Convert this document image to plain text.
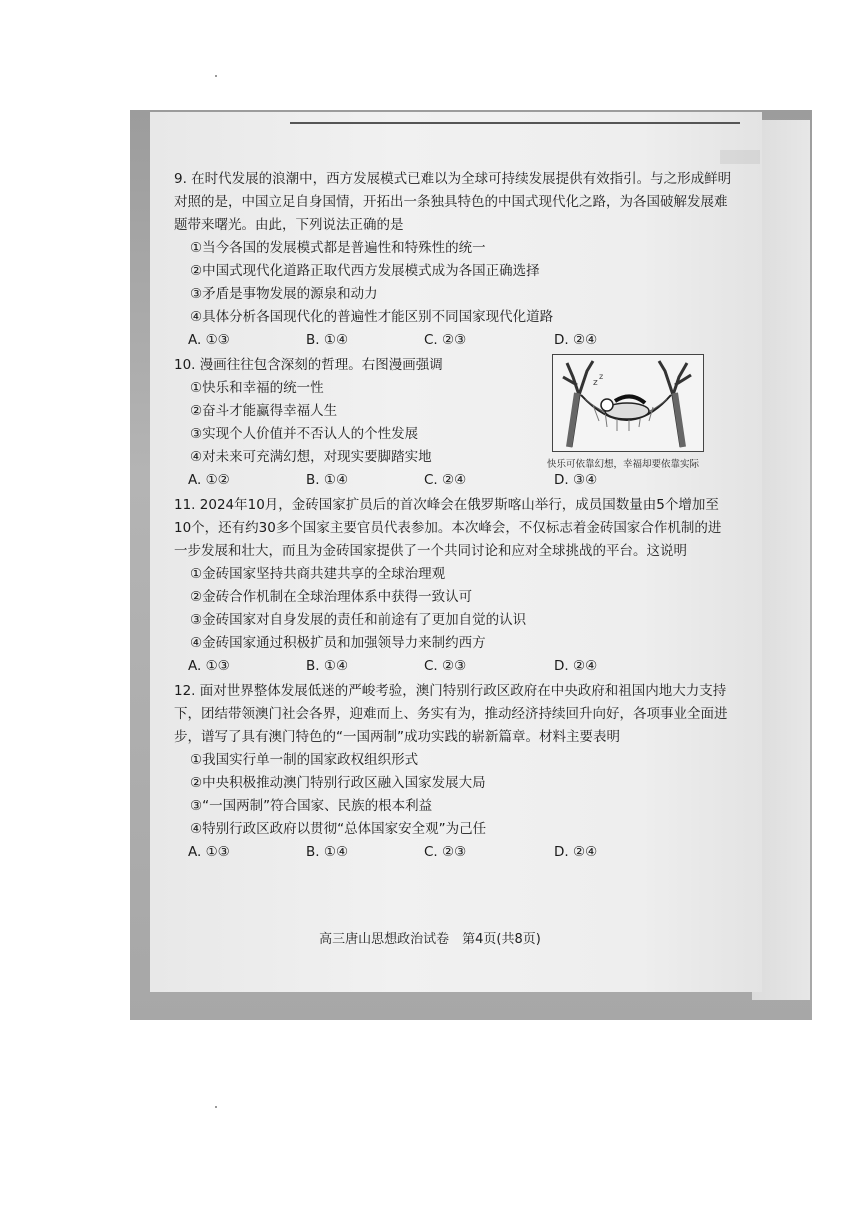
9. 在时代发展的浪潮中，西方发展模式已难以为全球可持续发展提供有效指引。与之形成鲜明对照的是，中国立足自身国情，开拓出一条独具特色的中国式现代化之路，为各国破解发展难题带来曙光。由此，下列说法正确的是
①当今各国的发展模式都是普遍性和特殊性的统一
②中国式现代化道路正取代西方发展模式成为各国正确选择
③矛盾是事物发展的源泉和动力
④具体分析各国现代化的普遍性才能区别不同国家现代化道路
A. ①③	B. ①④	C. ②③	D. ②④
10. 漫画往往包含深刻的哲理。右图漫画强调
①快乐和幸福的统一性
②奋斗才能赢得幸福人生
③实现个人价值并不否认人的个性发展
④对未来可充满幻想，对现实要脚踏实地
A. ①②	B. ①④	C. ②④	D. ③④
11. 2024年10月，金砖国家扩员后的首次峰会在俄罗斯喀山举行，成员国数量由5个增加至10个，还有约30多个国家主要官员代表参加。本次峰会，不仅标志着金砖国家合作机制的进一步发展和壮大，而且为金砖国家提供了一个共同讨论和应对全球挑战的平台。这说明
①金砖国家坚持共商共建共享的全球治理观
②金砖合作机制在全球治理体系中获得一致认可
③金砖国家对自身发展的责任和前途有了更加自觉的认识
④金砖国家通过积极扩员和加强领导力来制约西方
A. ①③	B. ①④	C. ②③	D. ②④
12. 面对世界整体发展低迷的严峻考验，澳门特别行政区政府在中央政府和祖国内地大力支持下，团结带领澳门社会各界，迎难而上、务实有为，推动经济持续回升向好，各项事业全面进步，谱写了具有澳门特色的“一国两制”成功实践的崭新篇章。材料主要表明
①我国实行单一制的国家政权组织形式
②中央积极推动澳门特别行政区融入国家发展大局
③“一国两制”符合国家、民族的根本利益
④特别行政区政府以贯彻“总体国家安全观”为己任
A. ①③	B. ①④	C. ②③	D. ②④
z
z
快乐可依靠幻想，幸福却要依靠实际
高三唐山思想政治试卷　第4页(共8页)
